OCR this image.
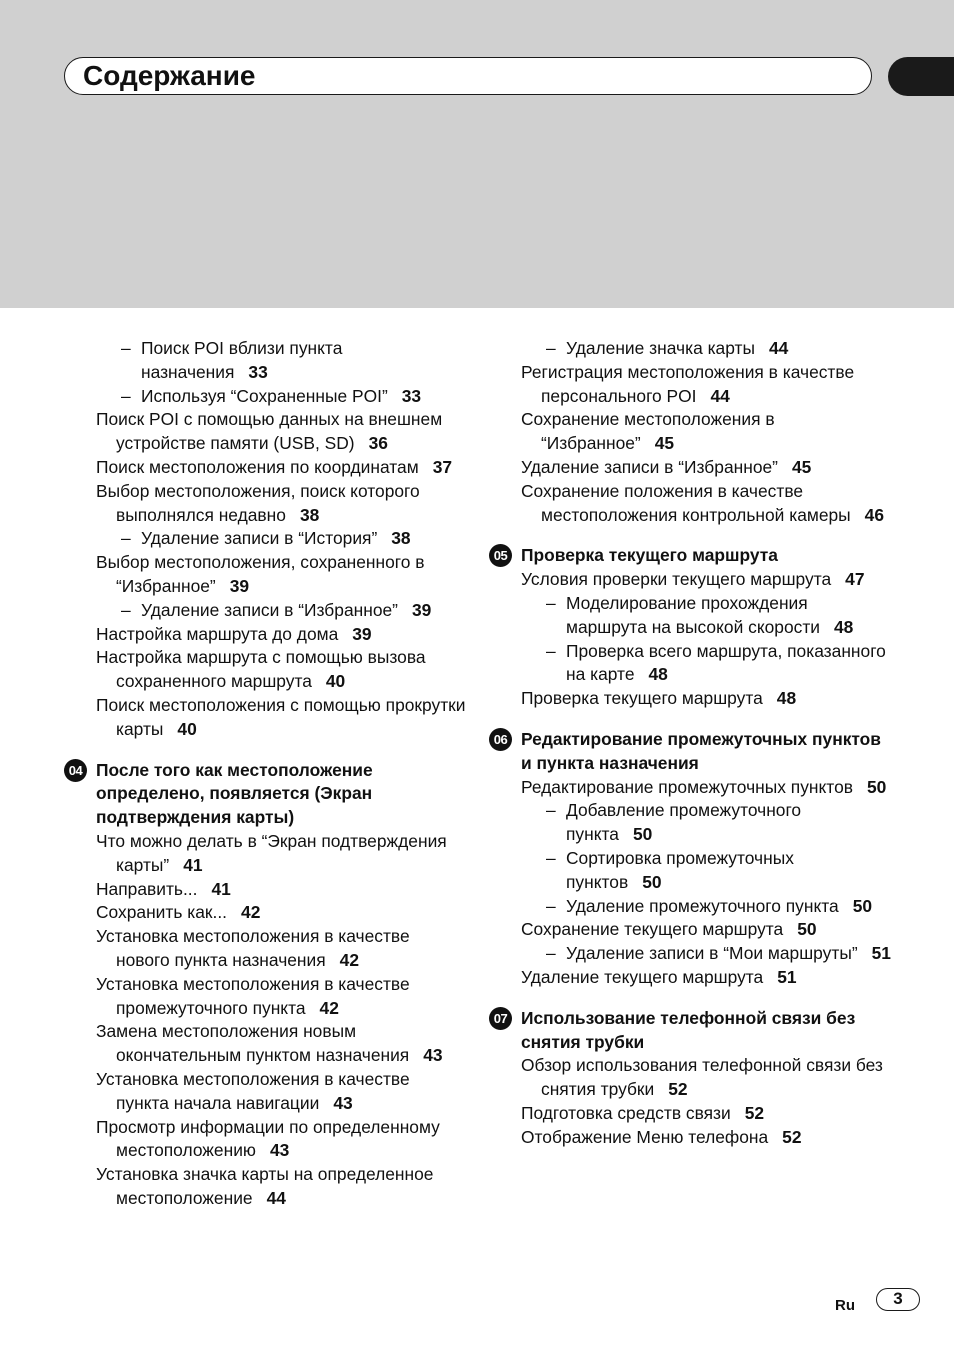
Содержание
– Поиск POI вблизи пункта назначения 33
– Используя “Сохраненные POI” 33
Поиск POI с помощью данных на внешнем устройстве памяти (USB, SD) 36
Поиск местоположения по координатам 37
Выбор местоположения, поиск которого выполнялся недавно 38
– Удаление записи в “История” 38
Выбор местоположения, сохраненного в “Избранное” 39
– Удаление записи в “Избранное” 39
Настройка маршрута до дома 39
Настройка маршрута с помощью вызова сохраненного маршрута 40
Поиск местоположения с помощью прокрутки карты 40
04 После того как местоположение определено, появляется (Экран подтверждения карты)
Что можно делать в “Экран подтверждения карты” 41
Направить... 41
Сохранить как... 42
Установка местоположения в качестве нового пункта назначения 42
Установка местоположения в качестве промежуточного пункта 42
Замена местоположения новым окончательным пунктом назначения 43
Установка местоположения в качестве пункта начала навигации 43
Просмотр информации по определенному местоположению 43
Установка значка карты на определенное местоположение 44
– Удаление значка карты 44
Регистрация местоположения в качестве персонального POI 44
Сохранение местоположения в “Избранное” 45
Удаление записи в “Избранное” 45
Сохранение положения в качестве местоположения контрольной камеры 46
05 Проверка текущего маршрута
Условия проверки текущего маршрута 47
– Моделирование прохождения маршрута на высокой скорости 48
– Проверка всего маршрута, показанного на карте 48
Проверка текущего маршрута 48
06 Редактирование промежуточных пунктов и пункта назначения
Редактирование промежуточных пунктов 50
– Добавление промежуточного пункта 50
– Сортировка промежуточных пунктов 50
– Удаление промежуточного пункта 50
Сохранение текущего маршрута 50
– Удаление записи в “Мои маршруты” 51
Удаление текущего маршрута 51
07 Использование телефонной связи без снятия трубки
Обзор использования телефонной связи без снятия трубки 52
Подготовка средств связи 52
Отображение Меню телефона 52
Ru	3
